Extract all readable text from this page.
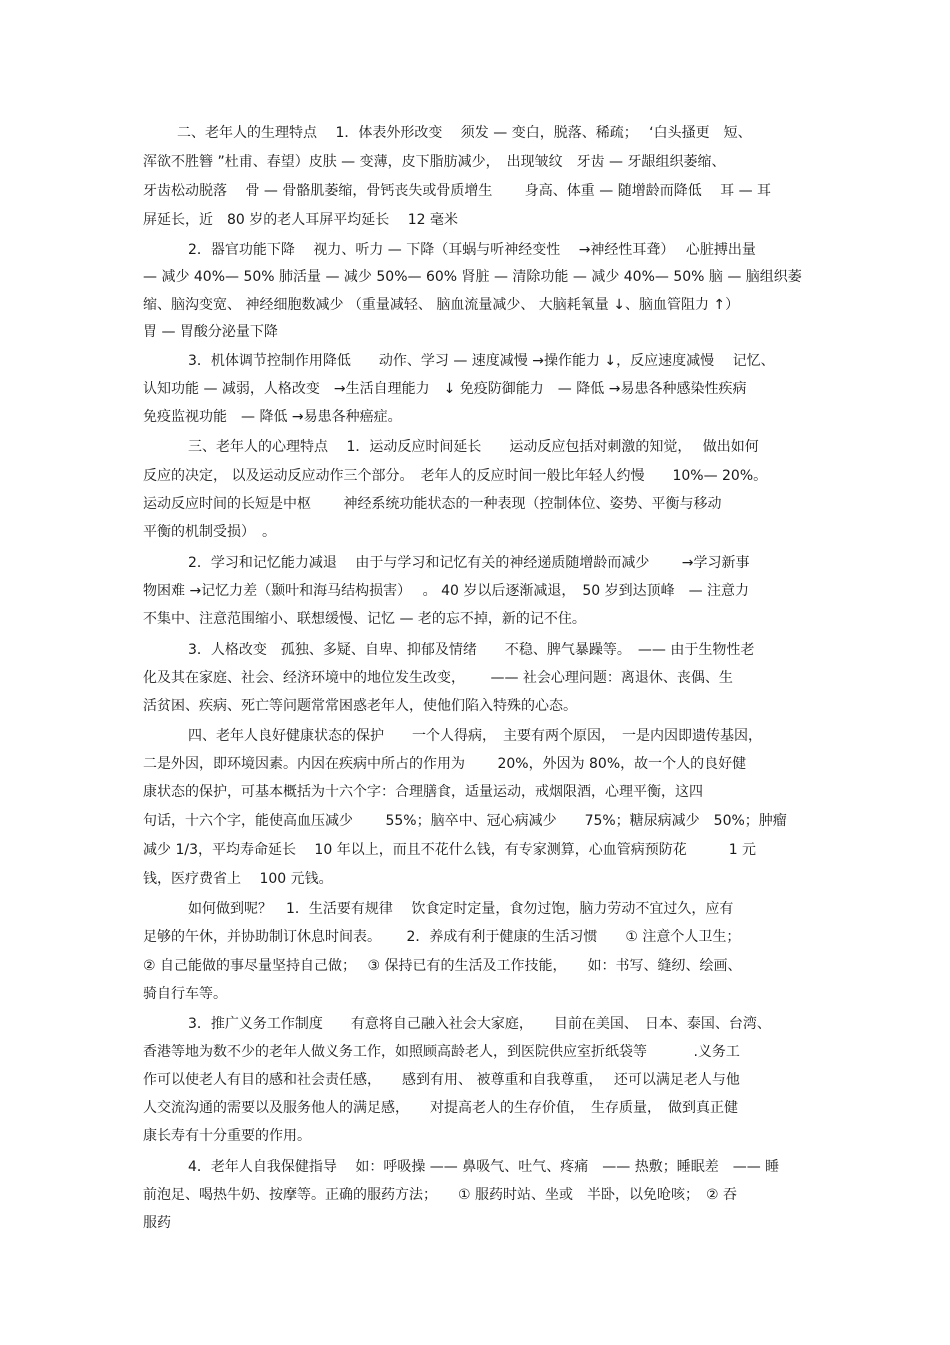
二、老年人的生理特点　 1．体表外形改变　 须发 — 变白，脱落、稀疏；　 ʻ白头搔更　短、
浑欲不胜簪 ”杜甫、春望）皮肤 — 变薄，皮下脂肪减少，　出现皱纹　牙齿 — 牙龈组织萎缩、
牙齿松动脱落　 骨 — 骨骼肌萎缩，骨钙丧失或骨质增生　　 身高、体重 — 随增龄而降低　 耳 — 耳
屏延长，近　80 岁的老人耳屏平均延长　 12 毫米
2．器官功能下降　 视力、听力 — 下降（耳蜗与听神经变性　 →神经性耳聋）　 心脏搏出量
— 减少 40%— 50% 肺活量 — 减少 50%— 60% 肾脏 — 清除功能 — 减少 40%— 50% 脑 — 脑组织萎
缩、脑沟变宽、 神经细胞数减少 （重量减轻、 脑血流量减少、 大脑耗氧量 ↓、脑血管阻力 ↑）
胃 — 胃酸分泌量下降
3．机体调节控制作用降低　　动作、学习 — 速度减慢 →操作能力 ↓，反应速度减慢　 记忆、
认知功能 — 减弱，人格改变　→生活自理能力　↓ 免疫防御能力　— 降低 →易患各种感染性疾病
免疫监视功能　— 降低 →易患各种癌症。
三、老年人的心理特点　 1．运动反应时间延长　　运动反应包括对刺激的知觉，　 做出如何
反应的决定， 以及运动反应动作三个部分。　老年人的反应时间一般比年轻人约慢　　10%— 20%。
运动反应时间的长短是中枢　　 神经系统功能状态的一种表现（控制体位、姿势、平衡与移动
平衡的机制受损）　。
2．学习和记忆能力减退　 由于与学习和记忆有关的神经递质随增龄而减少　　 →学习新事
物困难 →记忆力差（颞叶和海马结构损害）　 。 40 岁以后逐渐减退，　50 岁到达顶峰　— 注意力
不集中、注意范围缩小、联想缓慢、记忆 — 老的忘不掉，新的记不住。
3．人格改变　孤独、多疑、自卑、抑郁及情绪　　不稳、脾气暴躁等。　—— 由于生物性老
化及其在家庭、社会、经济环境中的地位发生改变，　　 —— 社会心理问题：离退休、丧偶、生
活贫困、疾病、死亡等问题常常困惑老年人，使他们陷入特殊的心态。
四、老年人良好健康状态的保护　　一个人得病，　主要有两个原因，　一是内因即遗传基因，
二是外因，即环境因素。内因在疾病中所占的作用为　　 20%，外因为 80%，故一个人的良好健
康状态的保护，可基本概括为十六个字：合理膳食，适量运动，戒烟限酒，心理平衡，这四
句话，十六个字，能使高血压减少　　 55%；脑卒中、冠心病减少　　75%；糖尿病减少　50%；肿瘤
减少 1/3，平均寿命延长　 10 年以上，而且不花什么钱，有专家测算，心血管病预防花　　　1 元
钱，医疗费省上　 100 元钱。
如何做到呢？　1．生活要有规律　 饮食定时定量，食勿过饱，脑力劳动不宜过久，应有
足够的午休，并协助制订休息时间表。　　 2．养成有利于健康的生活习惯　　① 注意个人卫生；
② 自己能做的事尽量坚持自己做；　 ③ 保持已有的生活及工作技能，　　如：书写、缝纫、绘画、
骑自行车等。
3．推广义务工作制度　　有意将自己融入社会大家庭，　　目前在美国、　日本、泰国、台湾、
香港等地为数不少的老年人做义务工作，如照顾高龄老人，到医院供应室折纸袋等　　　 .义务工
作可以使老人有目的感和社会责任感，　　感到有用、 被尊重和自我尊重，　 还可以满足老人与他
人交流沟通的需要以及服务他人的满足感，　　对提高老人的生存价值，　生存质量，　做到真正健
康长寿有十分重要的作用。
4．老年人自我保健指导　 如：呼吸操 —— 鼻吸气、吐气、疼痛　—— 热敷；睡眠差　—— 睡
前泡足、喝热牛奶、按摩等。正确的服药方法；　　① 服药时站、坐或　半卧，以免呛咳；　② 吞
服药
